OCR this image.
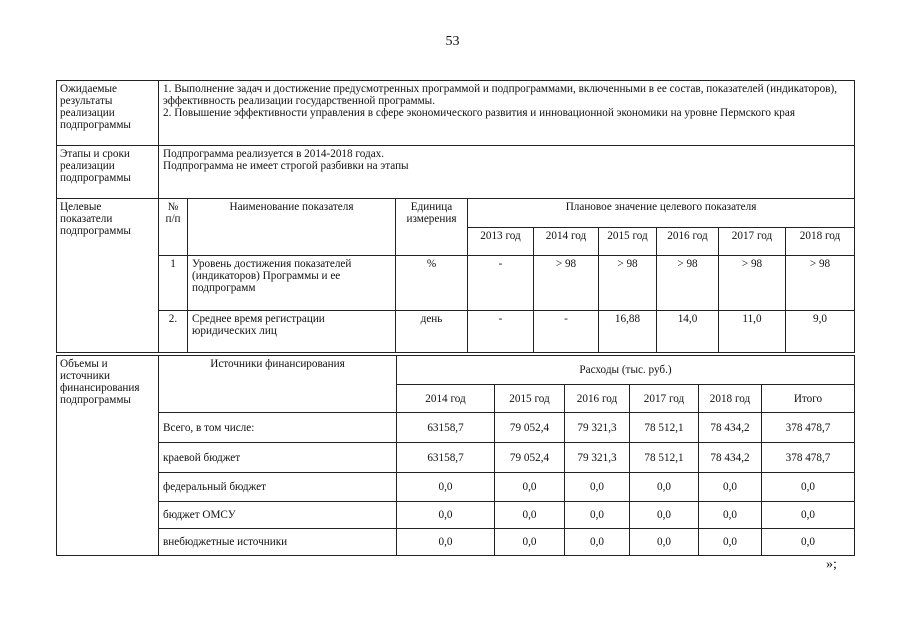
53
Ожидаемые результаты реализации подпрограммы	1. Выполнение задач и достижение предусмотренных программой и подпрограммами, включенными в ее состав, показателей (индикаторов), эффективность реализации государственной программы.
2. Повышение эффективности управления в сфере экономического развития и инновационной экономики на уровне Пермского края								

Этапы и сроки реализации подпрограммы	Подпрограмма реализуется в 2014-2018 годах.
Подпрограмма не имеет строгой разбивки на этапы								

Целевые показатели подпрограммы	№ п/п	Наименование показателя	Единица измерения	Плановое значение целевого показателя					
				2013 год	2014 год	2015 год	2016 год	2017 год	2018 год
	1	Уровень достижения показателей (индикаторов) Программы и ее подпрограмм	%	-	> 98	> 98	> 98	> 98	> 98
	2.	Среднее время регистрации юридических лиц	день	-	-	16,88	14,0	11,0	9,0
Объемы и источники финансирования подпрограммы	Источники финансирования	Расходы (тыс. руб.)					
		2014 год	2015 год	2016 год	2017 год	2018 год	Итого
	Всего, в том числе:	63158,7	79 052,4	79 321,3	78 512,1	78 434,2	378 478,7
	краевой бюджет	63158,7	79 052,4	79 321,3	78 512,1	78 434,2	378 478,7
	федеральный бюджет	0,0	0,0	0,0	0,0	0,0	0,0
	бюджет ОМСУ	0,0	0,0	0,0	0,0	0,0	0,0
	внебюджетные источники	0,0	0,0	0,0	0,0	0,0	0,0
»;
